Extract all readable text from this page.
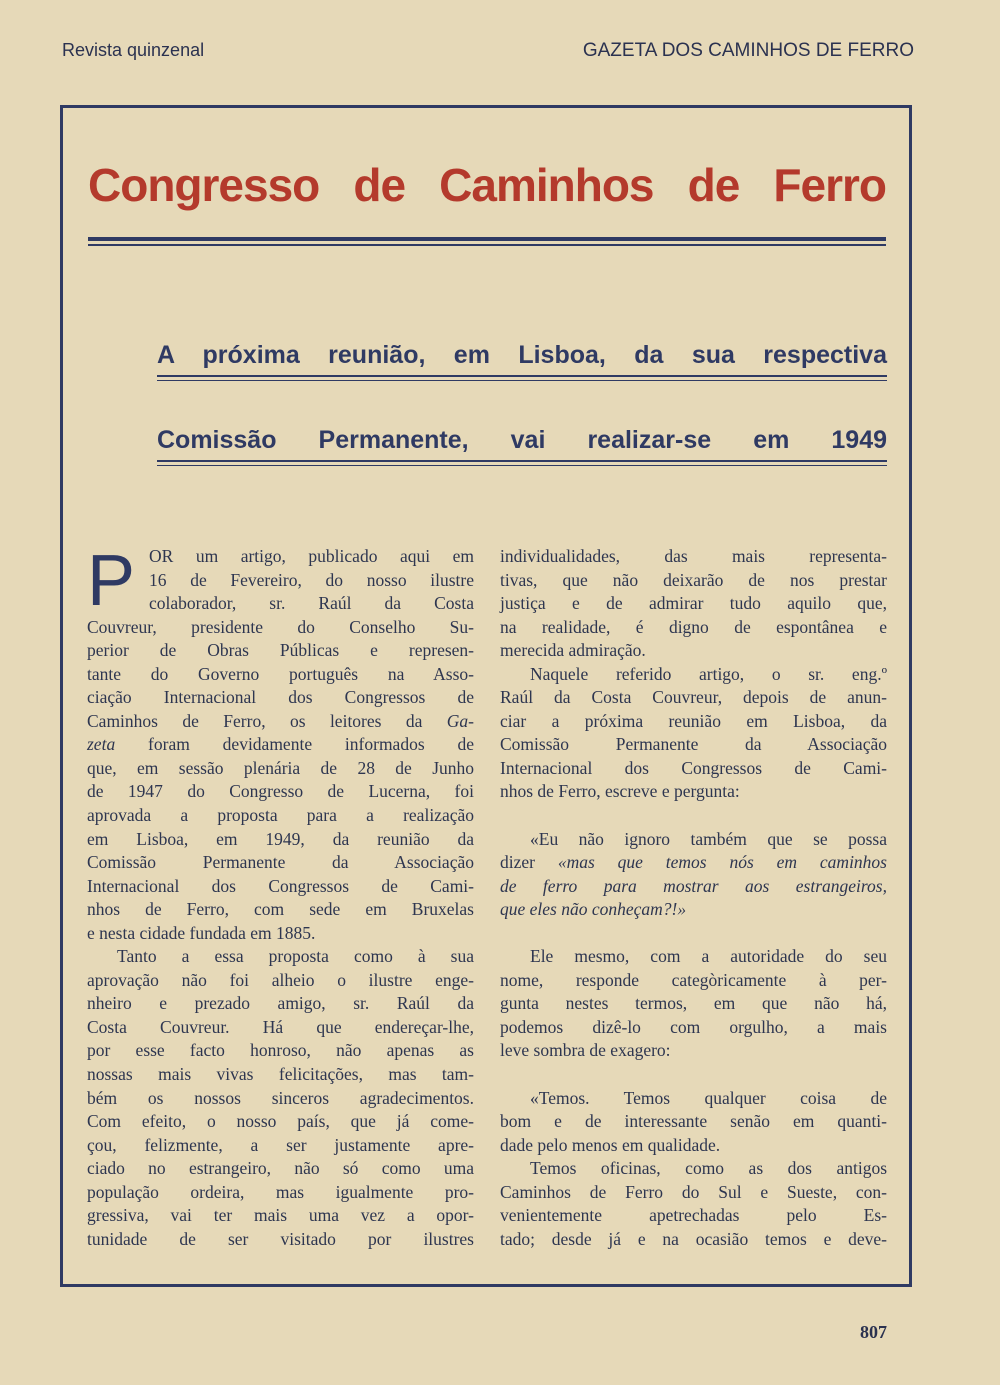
Revista quinzenal	GAZETA DOS CAMINHOS DE FERRO
Congresso de Caminhos de Ferro
A próxima reunião, em Lisboa, da sua respectiva
Comissão Permanente, vai realizar-se em 1949
P OR um artigo, publicado aqui em
16 de Fevereiro, do nosso ilustre
colaborador, sr. Raúl da Costa
Couvreur, presidente do Conselho Su-
perior de Obras Públicas e represen-
tante do Governo português na Asso-
ciação Internacional dos Congressos de
Caminhos de Ferro, os leitores da Ga-
zeta foram devidamente informados de
que, em sessão plenária de 28 de Junho
de 1947 do Congresso de Lucerna, foi
aprovada a proposta para a realização
em Lisboa, em 1949, da reunião da
Comissão Permanente da Associação
Internacional dos Congressos de Cami-
nhos de Ferro, com sede em Bruxelas
e nesta cidade fundada em 1885.
Tanto a essa proposta como à sua
aprovação não foi alheio o ilustre enge-
nheiro e prezado amigo, sr. Raúl da
Costa Couvreur. Há que endereçar-lhe,
por esse facto honroso, não apenas as
nossas mais vivas felicitações, mas tam-
bém os nossos sinceros agradecimentos.
Com efeito, o nosso país, que já come-
çou, felizmente, a ser justamente apre-
ciado no estrangeiro, não só como uma
população ordeira, mas igualmente pro-
gressiva, vai ter mais uma vez a opor-
tunidade de ser visitado por ilustres
individualidades, das mais representa-
tivas, que não deixarão de nos prestar
justiça e de admirar tudo aquilo que,
na realidade, é digno de espontânea e
merecida admiração.
Naquele referido artigo, o sr. eng.º
Raúl da Costa Couvreur, depois de anun-
ciar a próxima reunião em Lisboa, da
Comissão Permanente da Associação
Internacional dos Congressos de Cami-
nhos de Ferro, escreve e pergunta:
«Eu não ignoro também que se possa
dizer «mas que temos nós em caminhos
de ferro para mostrar aos estrangeiros,
que eles não conheçam?!»
Ele mesmo, com a autoridade do seu
nome, responde categòricamente à per-
gunta nestes termos, em que não há,
podemos dizê-lo com orgulho, a mais
leve sombra de exagero:
«Temos. Temos qualquer coisa de
bom e de interessante senão em quanti-
dade pelo menos em qualidade.
Temos oficinas, como as dos antigos
Caminhos de Ferro do Sul e Sueste, con-
venientemente apetrechadas pelo Es-
tado; desde já e na ocasião temos e deve-
807
